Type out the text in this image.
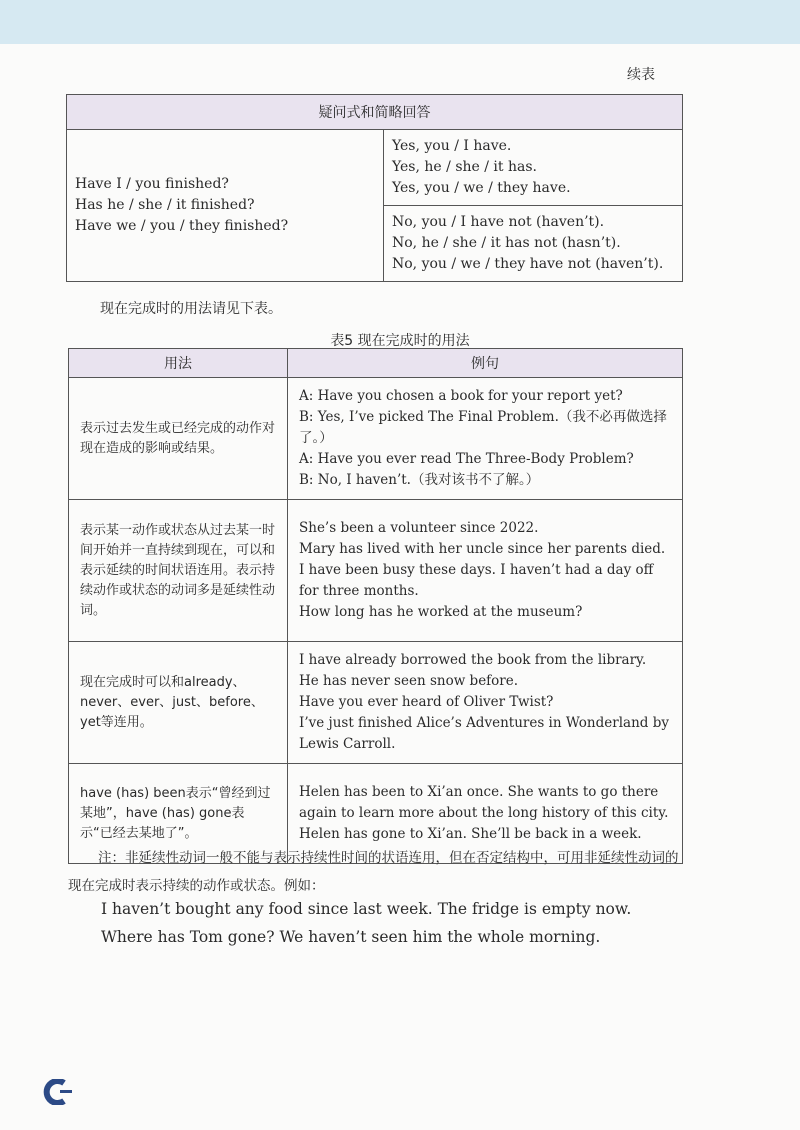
续表
疑问式和简略回答

Have I / you finished?
Has he / she / it finished?
Have we / you / they finished?

Yes, you / I have.
Yes, he / she / it has.
Yes, you / we / they have.

No, you / I have not (haven’t).
No, he / she / it has not (hasn’t).
No, you / we / they have not (haven’t).
现在完成时的用法请见下表。
表5 现在完成时的用法
用法	例句
表示过去发生或已经完成的动作对现在造成的影响或结果。	A: Have you chosen a book for your report yet?
B: Yes, I’ve picked The Final Problem.（我不必再做选择了。）
A: Have you ever read The Three-Body Problem?
B: No, I haven’t.（我对该书不了解。）

表示某一动作或状态从过去某一时间开始并一直持续到现在，可以和表示延续的时间状语连用。表示持续动作或状态的动词多是延续性动词。	She’s been a volunteer since 2022.
Mary has lived with her uncle since her parents died.
I have been busy these days. I haven’t had a day off for three months.
How long has he worked at the museum?

现在完成时可以和already、never、ever、just、before、yet等连用。	I have already borrowed the book from the library.
He has never seen snow before.
Have you ever heard of Oliver Twist?
I’ve just finished Alice’s Adventures in Wonderland by Lewis Carroll.

have (has) been表示“曾经到过某地”，have (has) gone表示“已经去某地了”。	Helen has been to Xi’an once. She wants to go there again to learn more about the long history of this city.
Helen has gone to Xi’an. She’ll be back in a week.
注：非延续性动词一般不能与表示持续性时间的状语连用，但在否定结构中，可用非延续性动词的现在完成时表示持续的动作或状态。例如：
I haven’t bought any food since last week. The fridge is empty now.
Where has Tom gone? We haven’t seen him the whole morning.
